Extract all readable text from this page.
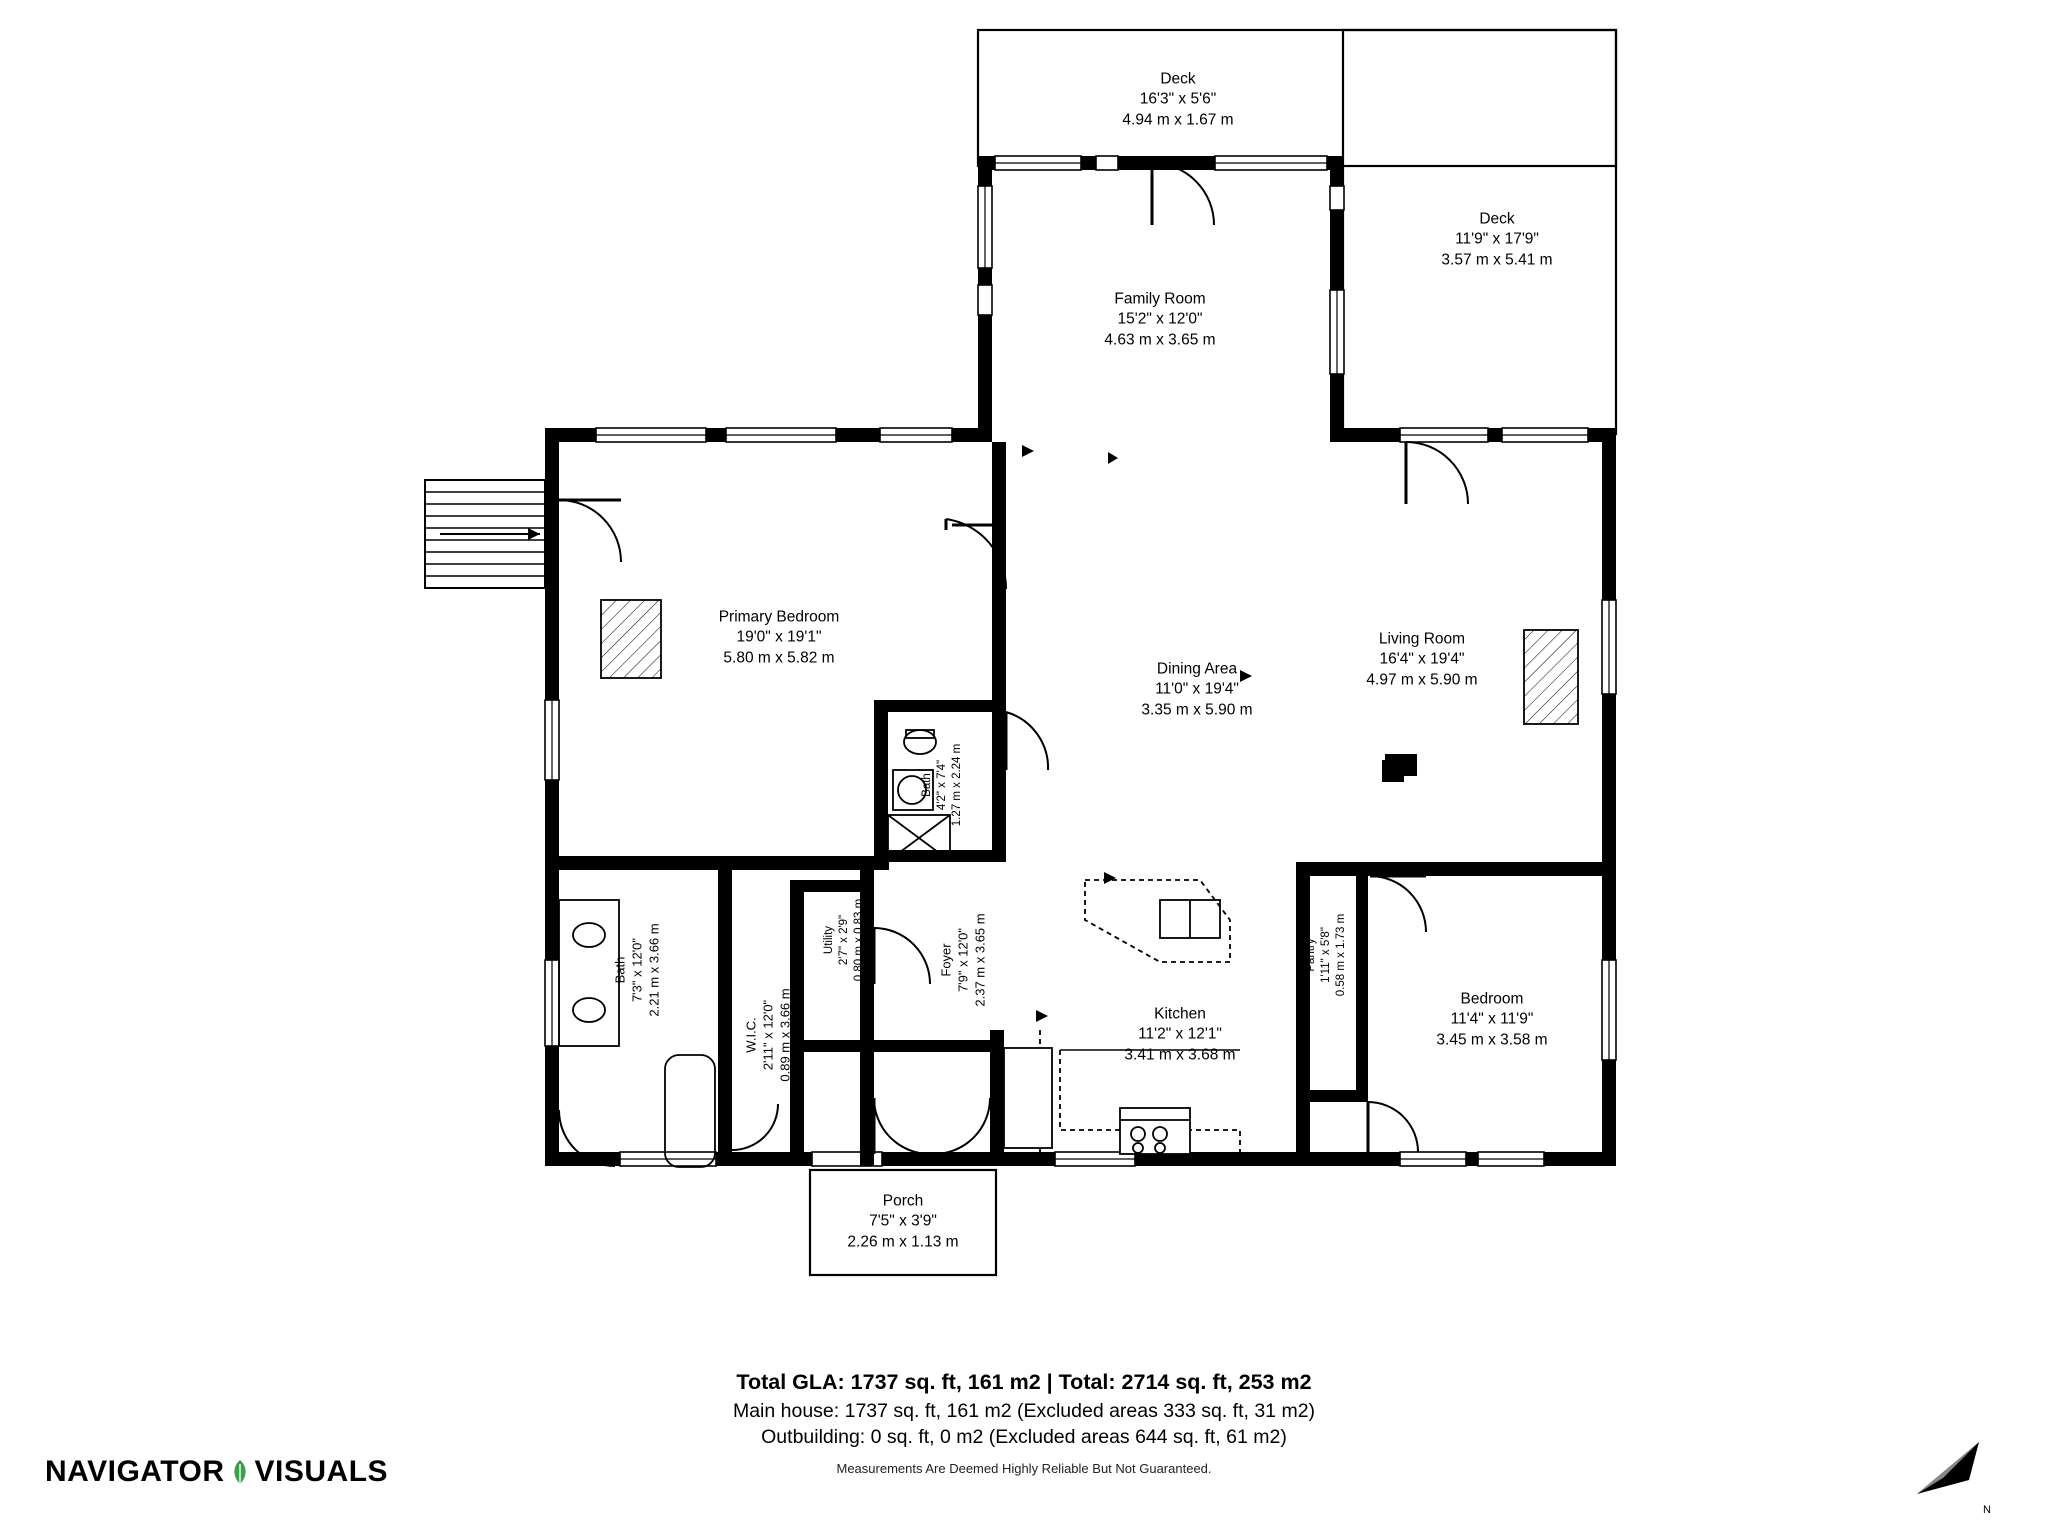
Deck
16'3" x 5'6"
4.94 m x 1.67 m
Deck
11'9" x 17'9"
3.57 m x 5.41 m
Family Room
15'2" x 12'0"
4.63 m x 3.65 m
Primary Bedroom
19'0" x 19'1"
5.80 m x 5.82 m
Living Room
16'4" x 19'4"
4.97 m x 5.90 m
Dining Area
11'0" x 19'4"
3.35 m x 5.90 m
Bath 4'2" x 7'4" 1.27 m x 2.24 m
Bath 7'3" x 12'0" 2.21 m x 3.66 m
W.I.C. 2'11" x 12'0" 0.89 m x 3.66 m
Utility 2'7" x 2'9" 0.80 m x 0.83 m	Foyer 7'9" x 12'0" 2.37 m x 3.65 m
Kitchen
11'2" x 12'1"
3.41 m x 3.68 m
Pantry 1'11" x 5'8" 0.58 m x 1.73 m
Bedroom
11'4" x 11'9"
3.45 m x 3.58 m
Porch
7'5" x 3'9"
2.26 m x 1.13 m
Total GLA: 1737 sq. ft, 161 m2 | Total: 2714 sq. ft, 253 m2
Main house: 1737 sq. ft, 161 m2 (Excluded areas 333 sq. ft, 31 m2)
Outbuilding: 0 sq. ft, 0 m2 (Excluded areas 644 sq. ft, 61 m2)
Measurements Are Deemed Highly Reliable But Not Guaranteed.
NAVIGATOR VISUALS
N
